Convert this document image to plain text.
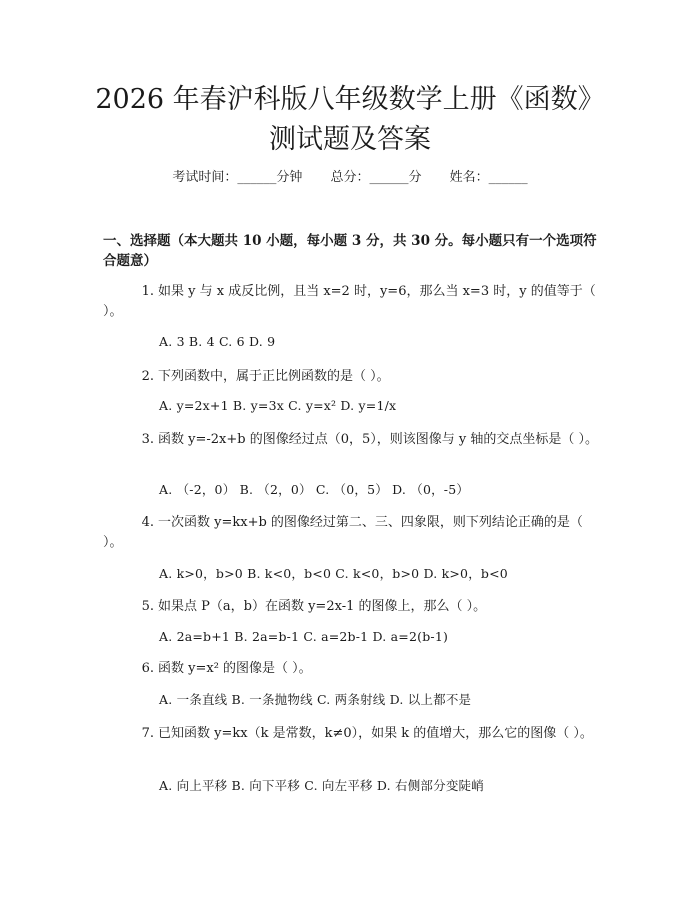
2026 年春沪科版八年级数学上册《函数》测试题及答案
考试时间：______分钟 总分：______分 姓名：______
一、选择题（本大题共 10 小题，每小题 3 分，共 30 分。每小题只有一个选项符合题意）
1. 如果 y 与 x 成反比例，且当 x=2 时，y=6，那么当 x=3 时，y 的值等于（ ）。
A. 3 B. 4 C. 6 D. 9
2. 下列函数中，属于正比例函数的是（ ）。
A. y=2x+1 B. y=3x C. y=x² D. y=1/x
3. 函数 y=-2x+b 的图像经过点（0，5），则该图像与 y 轴的交点坐标是（ ）。
A. （-2，0） B. （2，0） C. （0，5） D. （0，-5）
4. 一次函数 y=kx+b 的图像经过第二、三、四象限，则下列结论正确的是（ ）。
A. k>0，b>0 B. k<0，b<0 C. k<0，b>0 D. k>0，b<0
5. 如果点 P（a，b）在函数 y=2x-1 的图像上，那么（ ）。
A. 2a=b+1 B. 2a=b-1 C. a=2b-1 D. a=2(b-1)
6. 函数 y=x² 的图像是（ ）。
A. 一条直线 B. 一条抛物线 C. 两条射线 D. 以上都不是
7. 已知函数 y=kx（k 是常数，k≠0），如果 k 的值增大，那么它的图像（ ）。
A. 向上平移 B. 向下平移 C. 向左平移 D. 右侧部分变陡峭
